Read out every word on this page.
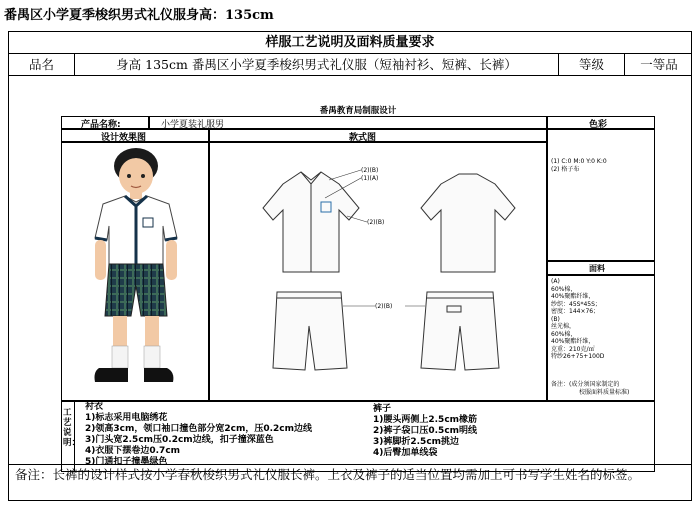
番禺区小学夏季梭织男式礼仪服身高：135cm
样服工艺说明及面料质量要求
品名	身高 135cm 番禺区小学夏季梭织男式礼仪服（短袖衬衫、短裤、长裤）	等级	一等品
番禺教育局制服设计
产品名称:	小学夏装礼服男	色彩
设计效果图	款式图
(1) C:0 M:0 Y:0 K:0
(2) 格子布
面料
(A)
60%棉，
40%聚酯纤维，
纱织：45S*45S；
密度：144×76；
(B)
丝光棉，
60%棉，
40%聚酯纤维，
克重：210克/㎡
特纱26+75+100D
备注：(成分须国家制定的
校服面料质量标准)
(2)(B)
(1)(A)
(2)(B)
(2)(B)
工艺说明：
衬衣
1)标志采用电脑绣花
2)领高3cm，领口袖口撞色部分宽2cm，压0.2cm边线
3)门头宽2.5cm压0.2cm边线，扣子撞深蓝色
4)衣服下摆卷边0.7cm
5)门通扣子撞墨绿色
裤子
1)腰头两侧上2.5cm橡筋
2)裤子袋口压0.5cm明线
3)裤脚折2.5cm挑边
4)后臀加单线袋
备注：长裤的设计样式按小学春秋梭织男式礼仪服长裤。上衣及裤子的适当位置均需加上可书写学生姓名的标签。
